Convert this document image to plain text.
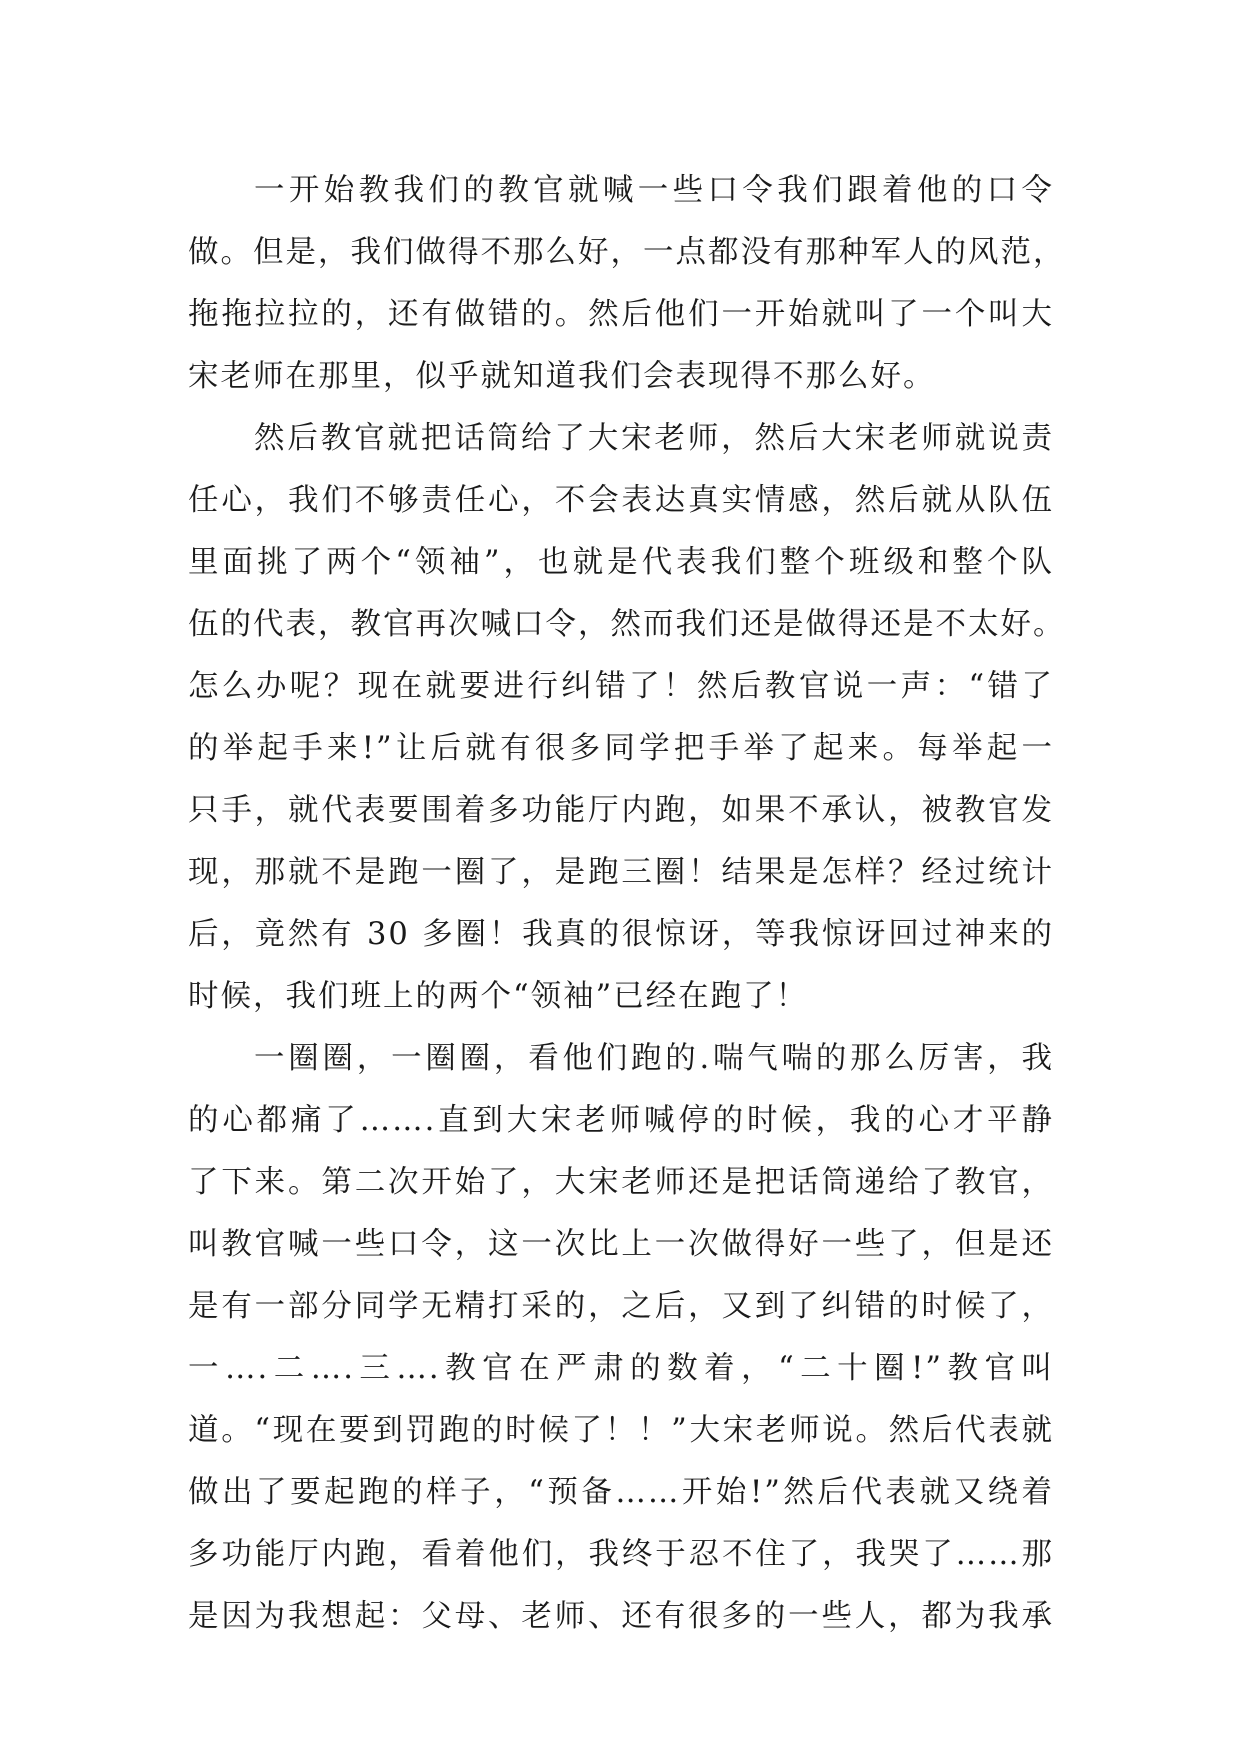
一开始教我们的教官就喊一些口令我们跟着他的口令
做。但是，我们做得不那么好，一点都没有那种军人的风范，
拖拖拉拉的，还有做错的。然后他们一开始就叫了一个叫大
宋老师在那里，似乎就知道我们会表现得不那么好。
然后教官就把话筒给了大宋老师，然后大宋老师就说责
任心，我们不够责任心，不会表达真实情感，然后就从队伍
里面挑了两个“领袖”，也就是代表我们整个班级和整个队
伍的代表，教官再次喊口令，然而我们还是做得还是不太好。
怎么办呢？现在就要进行纠错了！然后教官说一声：“错了
的举起手来!”让后就有很多同学把手举了起来。每举起一
只手，就代表要围着多功能厅内跑，如果不承认，被教官发
现，那就不是跑一圈了，是跑三圈！结果是怎样？经过统计
后，竟然有 30 多圈！我真的很惊讶，等我惊讶回过神来的
时候，我们班上的两个“领袖”已经在跑了！
一圈圈，一圈圈，看他们跑的.喘气喘的那么厉害，我
的心都痛了…….直到大宋老师喊停的时候，我的心才平静
了下来。第二次开始了，大宋老师还是把话筒递给了教官，
叫教官喊一些口令，这一次比上一次做得好一些了，但是还
是有一部分同学无精打采的，之后，又到了纠错的时候了，
一….二….三….教官在严肃的数着，“二十圈!”教官叫
道。“现在要到罚跑的时候了！！”大宋老师说。然后代表就
做出了要起跑的样子，“预备……开始!”然后代表就又绕着
多功能厅内跑，看着他们，我终于忍不住了，我哭了……那
是因为我想起：父母、老师、还有很多的一些人，都为我承
